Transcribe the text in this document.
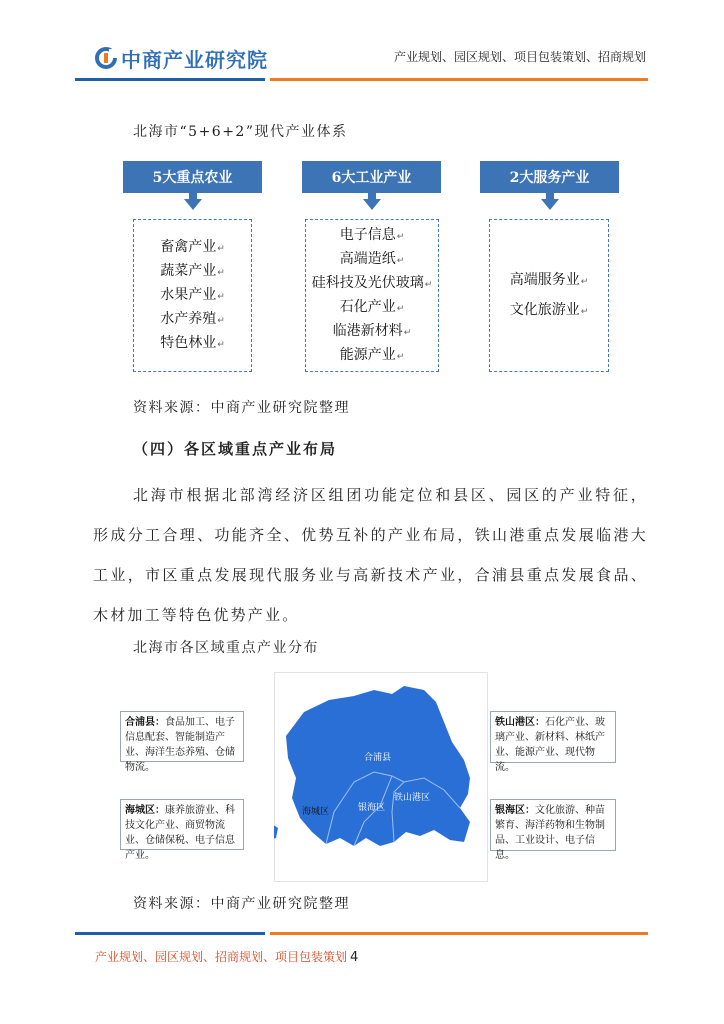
中商产业研究院	产业规划、园区规划、项目包装策划、招商规划
北海市“5+6+2”现代产业体系
5大重点农业	6大工业产业	2大服务产业
畜禽产业 ↵
蔬菜产业 ↵
水果产业 ↵
水产养殖 ↵
特色林业 ↵
电子信息 ↵
高端造纸 ↵
硅科技及光伏玻璃 ↵
石化产业 ↵
临港新材料 ↵
能源产业 ↵
高端服务业 ↵
文化旅游业 ↵
资料来源：中商产业研究院整理
（四）各区域重点产业布局
北海市根据北部湾经济区组团功能定位和县区、园区的产业特征，形成分工合理、功能齐全、优势互补的产业布局，铁山港重点发展临港大工业，市区重点发展现代服务业与高新技术产业，合浦县重点发展食品、木材加工等特色优势产业。
北海市各区域重点产业分布
合浦县
海城区	银海区
铁山港区
合浦县：食品加工、电子信息配套、智能制造产业、海洋生态养殖、仓储物流。
海城区：康养旅游业、科技文化产业、商贸物流业、仓储保税、电子信息产业。
铁山港区：石化产业、玻璃产业、新材料、林纸产业、能源产业、现代物流。
银海区：文化旅游、种苗繁育、海洋药物和生物制品、工业设计、电子信息。
资料来源：中商产业研究院整理
产业规划、园区规划、招商规划、项目包装策划 4
